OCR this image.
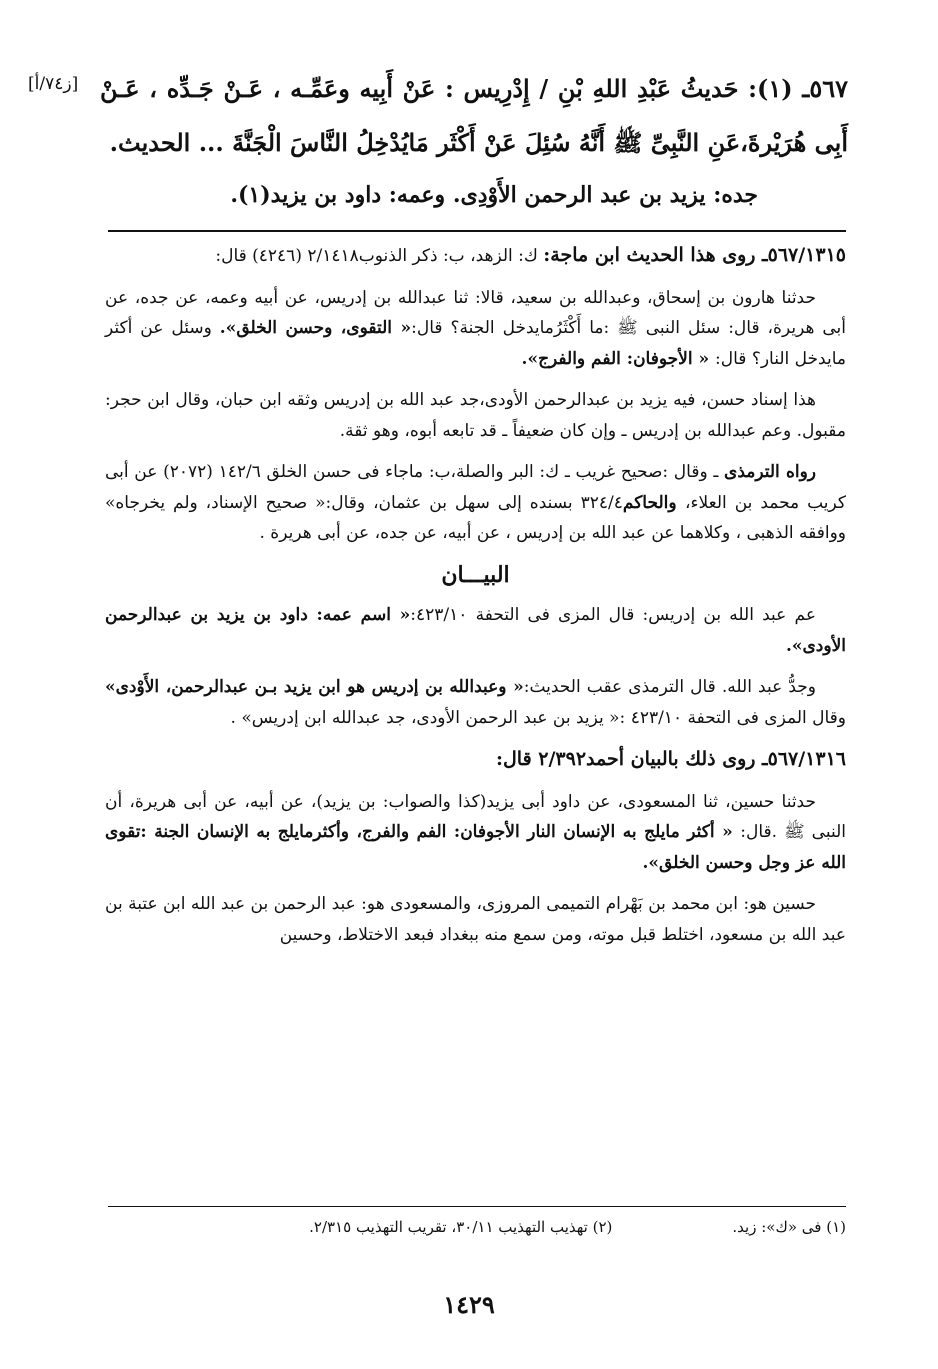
[ز٧٤/أ] ٥٦٧ـ (١): حَديثُ عَبْدِ اللهِ بْنِ / إِدْرِيس : عَنْ أَبِيه وعَمِّـه ، عَـنْ جَـدِّه ، عَـنْ أَبِى هُرَيْرةَ،عَنِ النَّبِىِّ ﷺ أَنَّهُ سُئِلَ عَنْ أَكْثَر مَايُدْخِلُ النَّاسَ الْجَنَّةَ ... الحديث.
جده: يزيد بن عبد الرحمن الأَوْدِى. وعمه: داود بن يزيد(١).

٥٦٧/١٣١٥ـ روى هذا الحديث ابن ماجة: ك: الزهد، ب: ذكر الذنوب٢/١٤١٨ (٤٢٤٦) قال:

حدثنا هارون بن إسحاق، وعبدالله بن سعيد، قالا: ثنا عبدالله بن إدريس، عن أبيه وعمه، عن جده، عن أبى هريرة، قال: سئل النبى ﷺ :ما أَكْثَرُمايدخل الجنة؟ قال:« التقوى، وحسن الخلق». وسئل عن أكثر مايدخل النار؟ قال: « الأجوفان: الفم والفرج».

هذا إسناد حسن، فيه يزيد بن عبدالرحمن الأودى،جد عبد الله بن إدريس وثقه ابن حبان، وقال ابن حجر: مقبول. وعم عبدالله بن إدريس ـ وإن كان ضعيفاً ـ قد تابعه أبوه، وهو ثقة.

رواه الترمذى ـ وقال :صحيح غريب ـ ك: البر والصلة،ب: ماجاء فى حسن الخلق ١٤٢/٦ (٢٠٧٢) عن أبى كريب محمد بن العلاء، والحاكم٣٢٤/٤ بسنده إلى سهل بن عثمان، وقال:« صحيح الإسناد، ولم يخرجاه» ووافقه الذهبى ، وكلاهما عن عبد الله بن إدريس ، عن أبيه، عن جده، عن أبى هريرة .

البيـــان

عم عبد الله بن إدريس: قال المزى فى التحفة ٤٢٣/١٠:« اسم عمه: داود بن يزيد بن عبدالرحمن الأودى».

وجدُّ عبد الله. قال الترمذى عقب الحديث:« وعبدالله بن إدريس هو ابن يزيد بـن عبدالرحمن، الأَوْدى» وقال المزى فى التحفة ٤٢٣/١٠ :« يزيد بن عبد الرحمن الأودى، جد عبدالله ابن إدريس» .

٥٦٧/١٣١٦ـ روى ذلك بالبيان أحمد٢/٣٩٢ قال:

حدثنا حسين، ثنا المسعودى، عن داود أبى يزيد(كذا والصواب: بن يزيد)، عن أبيه، عن أبى هريرة، أن النبى ﷺ .قال: « أكثر مايلج به الإنسان النار الأجوفان: الفم والفرج، وأكثرمايلج به الإنسان الجنة :تقوى الله عز وجل وحسن الخلق».

حسين هو: ابن محمد بن بَهْرام التميمى المروزى، والمسعودى هو: عبد الرحمن بن عبد الله ابن عتبة بن عبد الله بن مسعود، اختلط قبل موته، ومن سمع منه ببغداد فبعد الاختلاط، وحسين

(١) فى «ك»: زيد.
(٢) تهذيب التهذيب ٣٠/١١، تقريب التهذيب ٢/٣١٥.
١٤٢٩
